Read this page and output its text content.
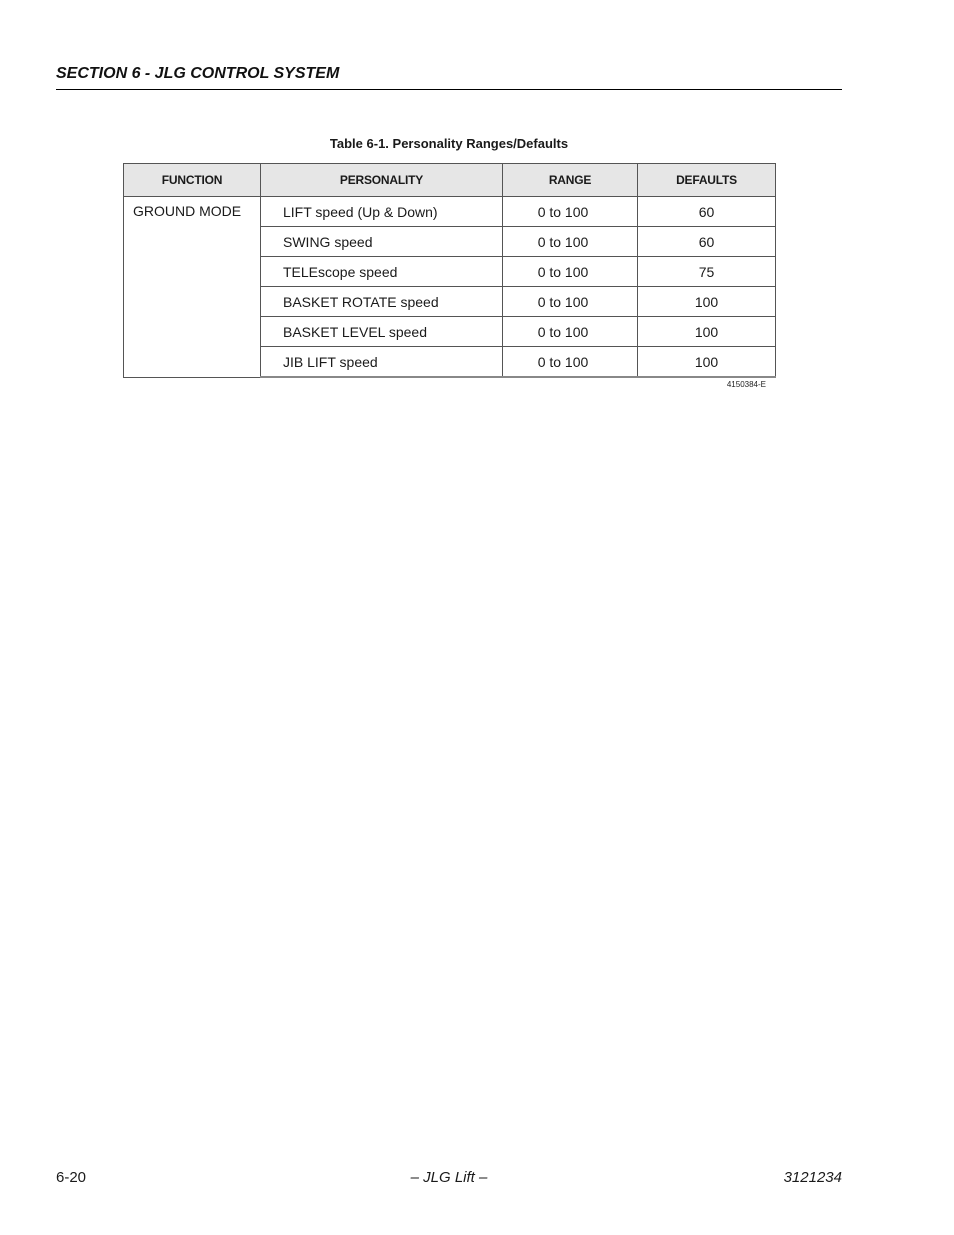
SECTION 6 - JLG CONTROL SYSTEM
Table 6-1. Personality Ranges/Defaults
FUNCTION	PERSONALITY	RANGE	DEFAULTS
GROUND MODE	LIFT speed (Up & Down)	0 to 100	60
	SWING speed	0 to 100	60
	TELEscope speed	0 to 100	75
	BASKET ROTATE speed	0 to 100	100
	BASKET LEVEL speed	0 to 100	100
	JIB LIFT speed	0 to 100	100
4150384-E
6-20	– JLG Lift –	3121234
